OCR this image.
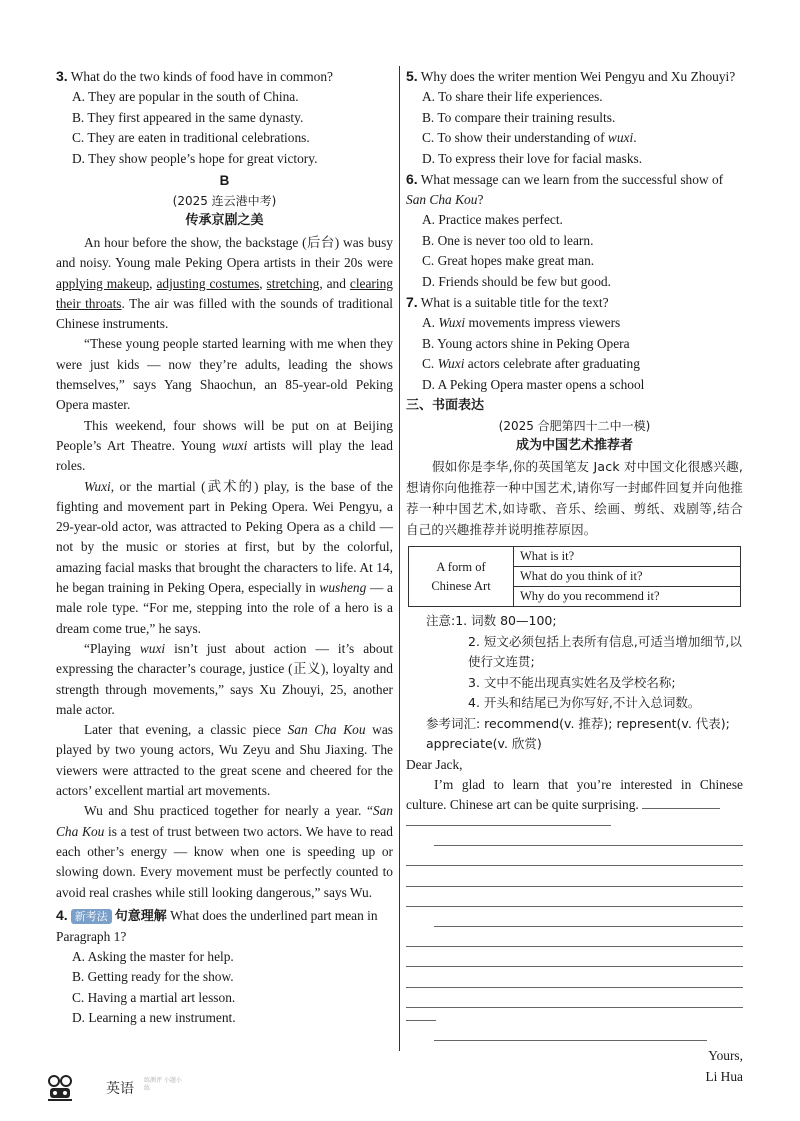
3. What do the two kinds of food have in common?

A. They are popular in the south of China.

B. They first appeared in the same dynasty.

C. They are eaten in traditional celebrations.

D. They show people’s hope for great victory.

B

(2025 连云港中考)

传承京剧之美

An hour before the show, the backstage (后台) was busy and noisy. Young male Peking Opera artists in their 20s were applying makeup, adjusting costumes, stretching, and clearing their throats. The air was filled with the sounds of traditional Chinese instruments.

“These young people started learning with me when they were just kids — now they’re adults, leading the shows themselves,” says Yang Shaochun, an 85-year-old Peking Opera master.

This weekend, four shows will be put on at Beijing People’s Art Theatre. Young wuxi artists will play the lead roles.

Wuxi, or the martial (武术的) play, is the base of the fighting and movement part in Peking Opera. Wei Pengyu, a 29-year-old actor, was attracted to Peking Opera as a child — not by the music or stories at first, but by the colorful, amazing facial masks that brought the characters to life. At 14, he began training in Peking Opera, especially in wusheng — a male role type. “For me, stepping into the role of a hero is a dream come true,” he says.

“Playing wuxi isn’t just about action — it’s about expressing the character’s courage, justice (正义), loyalty and strength through movements,” says Xu Zhouyi, 25, another male actor.

Later that evening, a classic piece San Cha Kou was played by two young actors, Wu Zeyu and Shu Jiaxing. The viewers were attracted to the great scene and cheered for the actors’ excellent martial art movements.

Wu and Shu practiced together for nearly a year. “San Cha Kou is a test of trust between two actors. We have to read each other’s energy — know when one is speeding up or slowing down. Every movement must be perfectly counted to avoid real crashes while still looking dangerous,” says Wu.

4. 新考法 句意理解 What does the underlined part mean in Paragraph 1?

A. Asking the master for help.

B. Getting ready for the show.

C. Having a martial art lesson.

D. Learning a new instrument.

5. Why does the writer mention Wei Pengyu and Xu Zhouyi?

A. To share their life experiences.

B. To compare their training results.

C. To show their understanding of wuxi.

D. To express their love for facial masks.

6. What message can we learn from the successful show of San Cha Kou?

A. Practice makes perfect.

B. One is never too old to learn.

C. Great hopes make great man.

D. Friends should be few but good.

7. What is a suitable title for the text?

A. Wuxi movements impress viewers

B. Young actors shine in Peking Opera

C. Wuxi actors celebrate after graduating

D. A Peking Opera master opens a school

三、书面表达

(2025 合肥第四十二中一模)

成为中国艺术推荐者

假如你是李华,你的英国笔友 Jack 对中国文化很感兴趣,想请你向他推荐一种中国艺术,请你写一封邮件回复并向他推荐一种中国艺术,如诗歌、音乐、绘画、剪纸、戏剧等,结合自己的兴趣推荐并说明推荐原因。

A form of Chinese Art	What is it?
What do you think of it?
Why do you recommend it?

注意:1. 词数 80—100;

2. 短文必须包括上表所有信息,可适当增加细节,以使行文连贯;

3. 文中不能出现真实姓名及学校名称;

4. 开头和结尾已为你写好,不计入总词数。

参考词汇: recommend(v. 推荐); represent(v. 代表); appreciate(v. 欣赏)

Dear Jack,

I’m glad to learn that you’re interested in Chinese culture. Chinese art can be quite surprising.

Yours,

Li Hua

英语
练测评 小题小练
